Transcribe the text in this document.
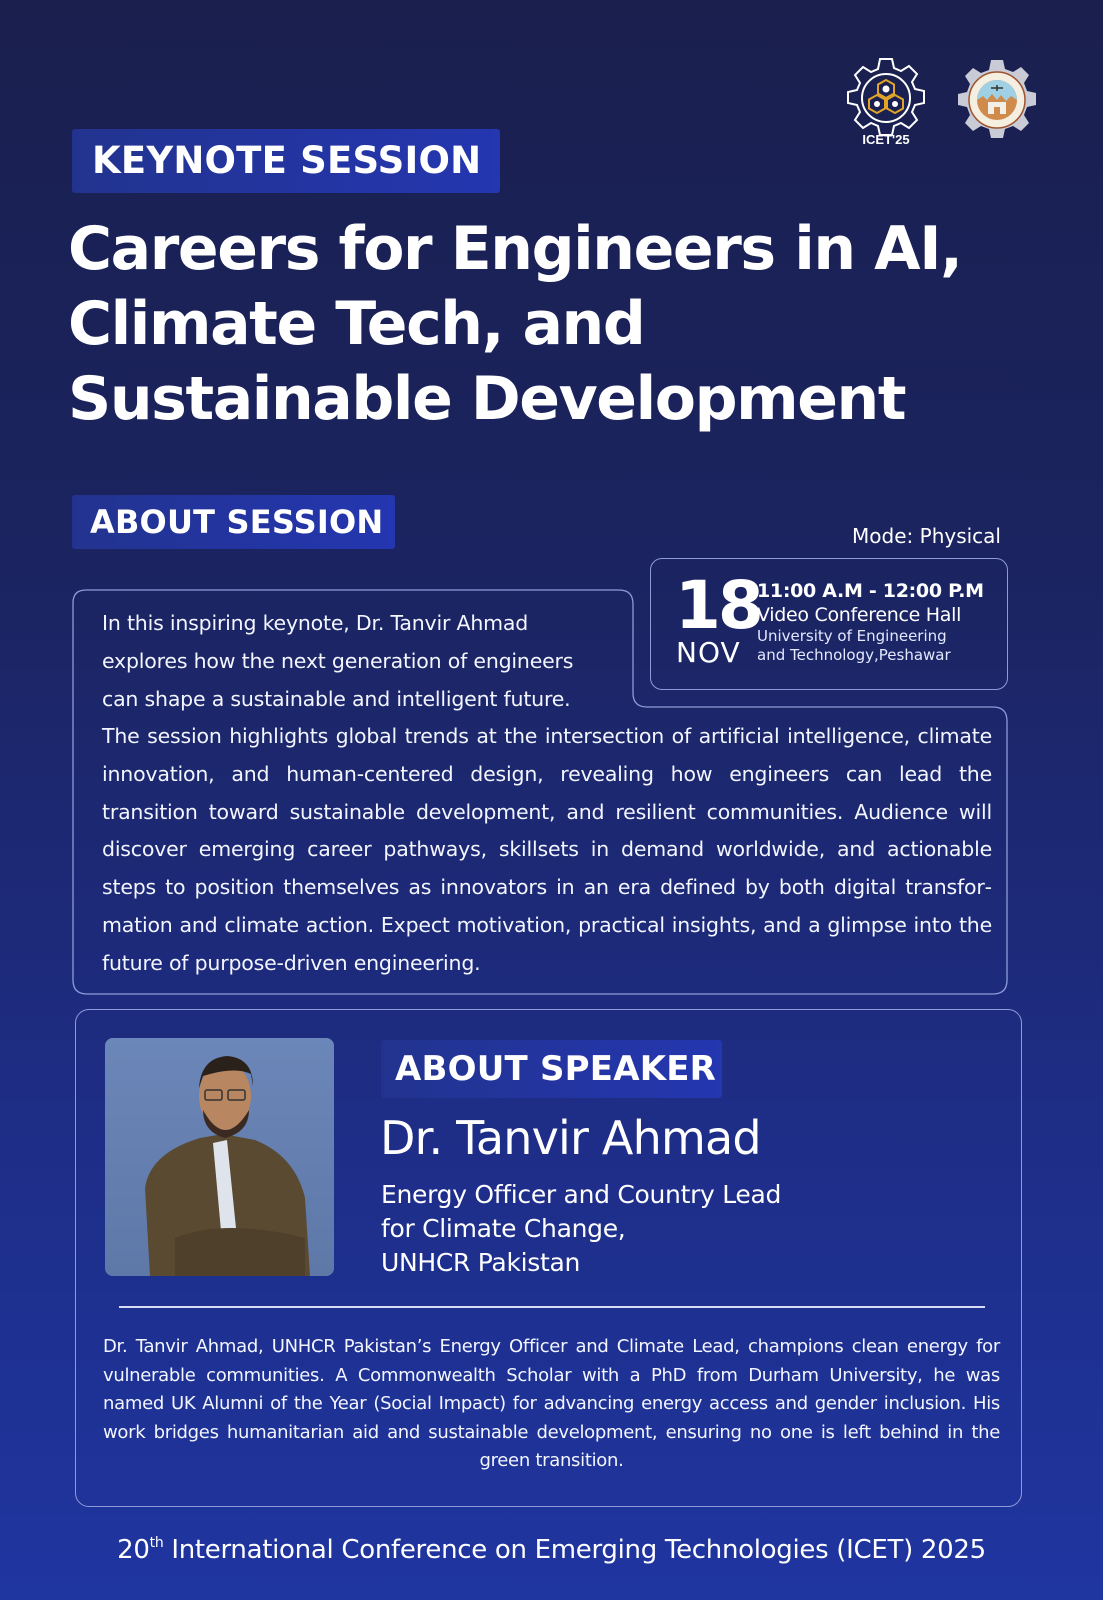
ICET'25
KEYNOTE SESSION
Careers for Engineers in AI, Climate Tech, and Sustainable Development
ABOUT SESSION	Mode: Physical
18
NOV
11:00 A.M - 12:00 P.M
Video Conference Hall
University of Engineering
and Technology,Peshawar
In this inspiring keynote, Dr. Tanvir Ahmad explores how the next generation of engineers can shape a sustainable and intelligent future.
The session highlights global trends at the intersection of artificial intelligence, climate innovation, and human-centered design, revealing how engineers can lead the transition toward sustainable development, and resilient communities. Audience will discover emerging career pathways, skillsets in demand worldwide, and actionable steps to position themselves as innovators in an era defined by both digital transformation and climate action. Expect motivation, practical insights, and a glimpse into the future of purpose-driven engineering.
ABOUT SPEAKER
Dr. Tanvir Ahmad
Energy Officer and Country Lead
for Climate Change,
UNHCR Pakistan
Dr. Tanvir Ahmad, UNHCR Pakistan’s Energy Officer and Climate Lead, champions clean energy for vulnerable communities. A Commonwealth Scholar with a PhD from Durham University, he was named UK Alumni of the Year (Social Impact) for advancing energy access and gender inclusion. His work bridges humanitarian aid and sustainable development, ensuring no one is left behind in the green transition.
20th International Conference on Emerging Technologies (ICET) 2025
